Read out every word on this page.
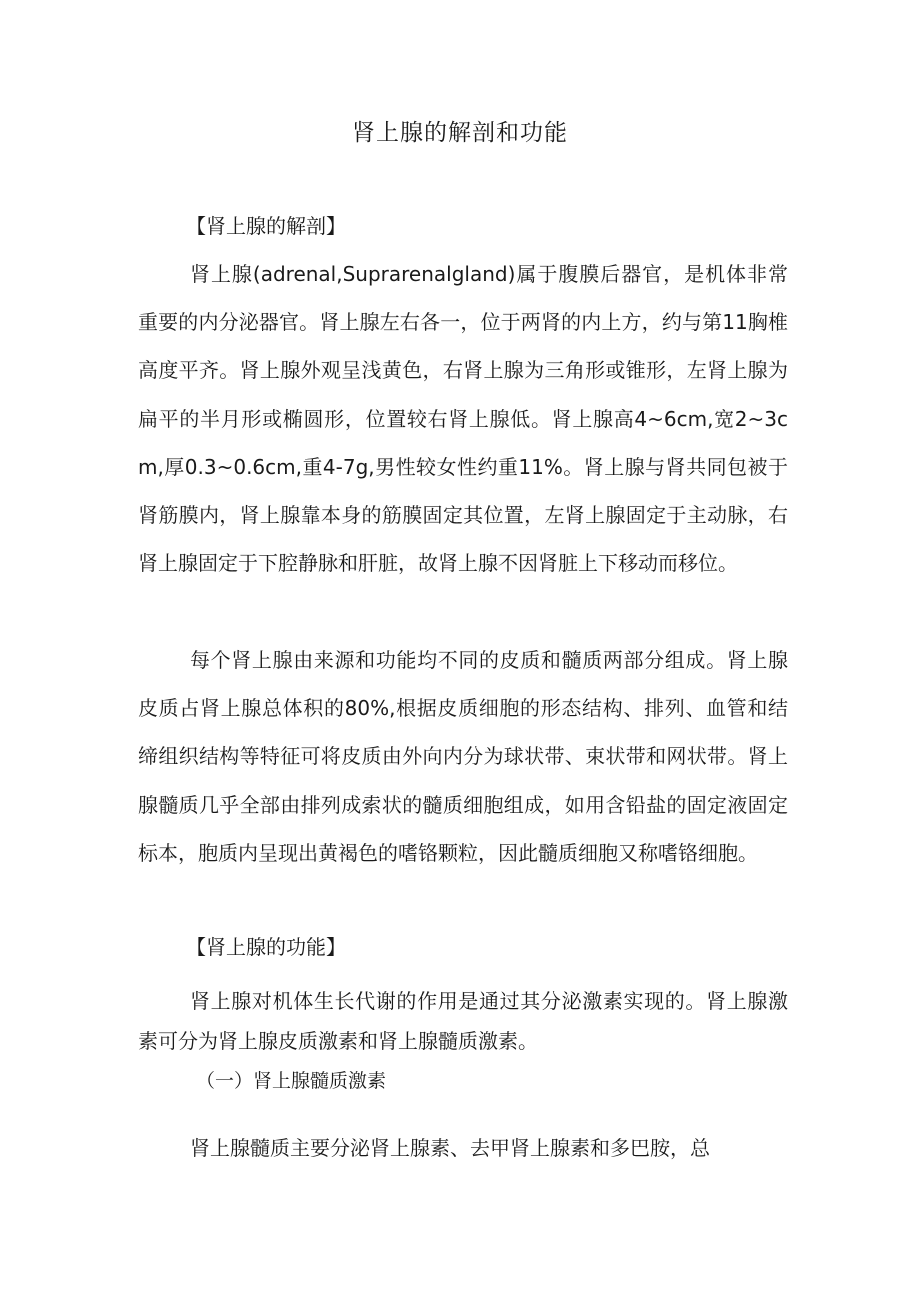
肾上腺的解剖和功能
【肾上腺的解剖】

肾上腺(adrenal,Suprarenalgland)属于腹膜后器官，是机体非常重要的内分泌器官。肾上腺左右各一，位于两肾的内上方，约与第11胸椎高度平齐。肾上腺外观呈浅黄色，右肾上腺为三角形或锥形，左肾上腺为扁平的半月形或椭圆形，位置较右肾上腺低。肾上腺高4~6cm,宽2~3cm,厚0.3~0.6cm,重4-7g,男性较女性约重11%。肾上腺与肾共同包被于肾筋膜内，肾上腺靠本身的筋膜固定其位置，左肾上腺固定于主动脉，右肾上腺固定于下腔静脉和肝脏，故肾上腺不因肾脏上下移动而移位。

每个肾上腺由来源和功能均不同的皮质和髓质两部分组成。肾上腺皮质占肾上腺总体积的80%,根据皮质细胞的形态结构、排列、血管和结缔组织结构等特征可将皮质由外向内分为球状带、束状带和网状带。肾上腺髓质几乎全部由排列成索状的髓质细胞组成，如用含铅盐的固定液固定标本，胞质内呈现出黄褐色的嗜铬颗粒，因此髓质细胞又称嗜铬细胞。

【肾上腺的功能】

肾上腺对机体生长代谢的作用是通过其分泌激素实现的。肾上腺激素可分为肾上腺皮质激素和肾上腺髓质激素。

（一）肾上腺髓质激素

肾上腺髓质主要分泌肾上腺素、去甲肾上腺素和多巴胺，总
